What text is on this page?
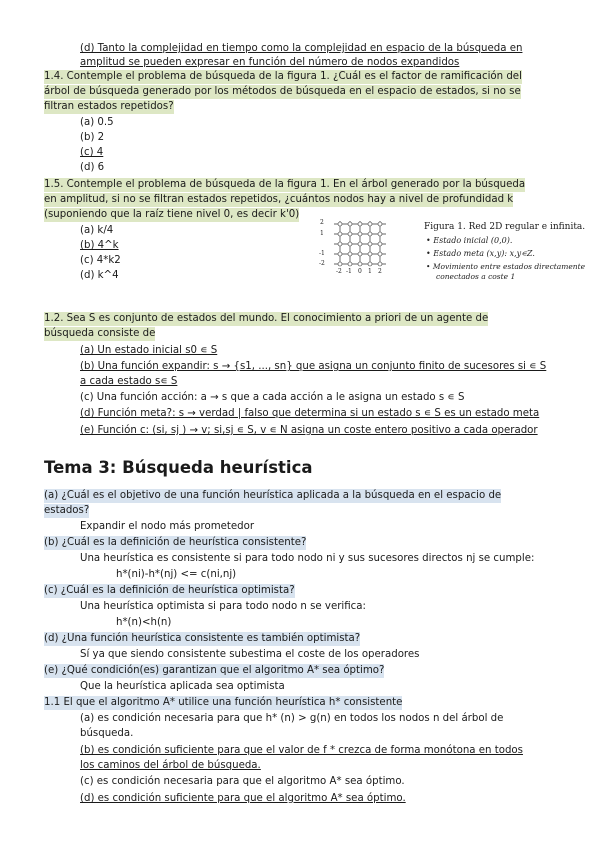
(d) Tanto la complejidad en tiempo como la complejidad en espacio de la búsqueda en
amplitud se pueden expresar en función del número de nodos expandidos
1.4. Contemple el problema de búsqueda de la figura 1. ¿Cuál es el factor de ramificación del
árbol de búsqueda generado por los métodos de búsqueda en el espacio de estados, si no se
filtran estados repetidos?
(a) 0.5
(b) 2
(c) 4
(d) 6
1.5. Contemple el problema de búsqueda de la figura 1. En el árbol generado por la búsqueda
en amplitud, si no se filtran estados repetidos, ¿cuántos nodos hay a nivel de profundidad k
(suponiendo que la raíz tiene nivel 0, es decir k'0)
(a) k/4
(b) 4^k
(c) 4*k2
(d) k^4
2
1
-1
-2
-2 -1 0 1 2
Figura 1. Red 2D regular e infinita.
• Estado inicial (0,0).
• Estado meta (x,y): x,y∊Z.
• Movimiento entre estados directamente
conectados a coste 1
1.2. Sea S es conjunto de estados del mundo. El conocimiento a priori de un agente de
búsqueda consiste de
(a) Un estado inicial s0 ∊ S
(b) Una función expandir: s → {s1, ..., sn} que asigna un conjunto finito de sucesores si ∊ S
a cada estado s∊ S
(c) Una función acción: a → s que a cada acción a le asigna un estado s ∊ S
(d) Función meta?: s → verdad | falso que determina si un estado s ∊ S es un estado meta
(e) Función c: (si, sj ) → v; si,sj ∊ S, v ∊ N asigna un coste entero positivo a cada operador
Tema 3: Búsqueda heurística
(a) ¿Cuál es el objetivo de una función heurística aplicada a la búsqueda en el espacio de
estados?
Expandir el nodo más prometedor
(b) ¿Cuál es la definición de heurística consistente?
Una heurística es consistente si para todo nodo ni y sus sucesores directos nj se cumple:
h*(ni)-h*(nj) <= c(ni,nj)
(c) ¿Cuál es la definición de heurística optimista?
Una heurística optimista si para todo nodo n se verifica:
h*(n)<h(n)
(d) ¿Una función heurística consistente es también optimista?
Sí ya que siendo consistente subestima el coste de los operadores
(e) ¿Qué condición(es) garantizan que el algoritmo A* sea óptimo?
Que la heurística aplicada sea optimista
1.1 El que el algoritmo A* utilice una función heurística h* consistente
(a) es condición necesaria para que h* (n) > g(n) en todos los nodos n del árbol de
búsqueda.
(b) es condición suficiente para que el valor de f * crezca de forma monótona en todos
los caminos del árbol de búsqueda.
(c) es condición necesaria para que el algoritmo A* sea óptimo.
(d) es condición suficiente para que el algoritmo A* sea óptimo.
